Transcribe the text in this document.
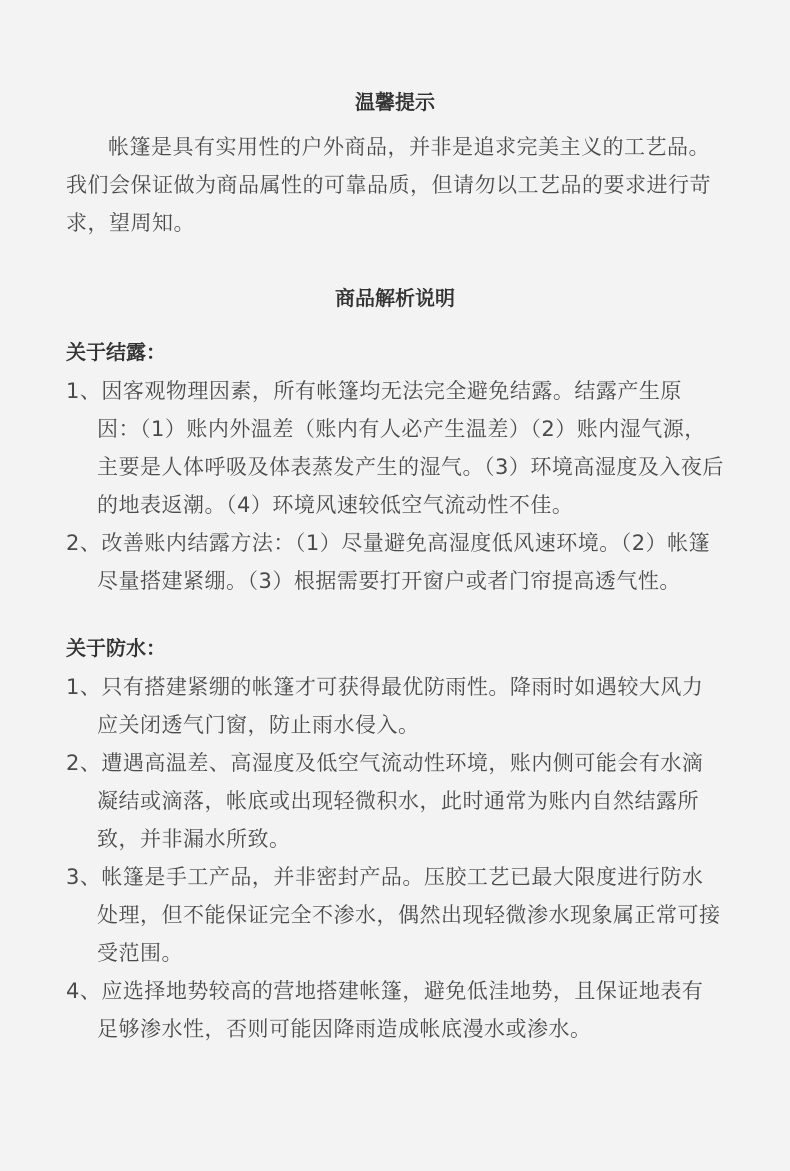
温馨提示
帐篷是具有实用性的户外商品，并非是追求完美主义的工艺品。我们会保证做为商品属性的可靠品质，但请勿以工艺品的要求进行苛求，望周知。
商品解析说明
关于结露：
1、因客观物理因素，所有帐篷均无法完全避免结露。结露产生原因：（1）账内外温差（账内有人必产生温差）（2）账内湿气源，主要是人体呼吸及体表蒸发产生的湿气。（3）环境高湿度及入夜后的地表返潮。（4）环境风速较低空气流动性不佳。
2、改善账内结露方法：（1）尽量避免高湿度低风速环境。（2）帐篷尽量搭建紧绷。（3）根据需要打开窗户或者门帘提高透气性。
关于防水：
1、只有搭建紧绷的帐篷才可获得最优防雨性。降雨时如遇较大风力应关闭透气门窗，防止雨水侵入。
2、遭遇高温差、高湿度及低空气流动性环境，账内侧可能会有水滴凝结或滴落，帐底或出现轻微积水，此时通常为账内自然结露所致，并非漏水所致。
3、帐篷是手工产品，并非密封产品。压胶工艺已最大限度进行防水处理，但不能保证完全不渗水，偶然出现轻微渗水现象属正常可接受范围。
4、应选择地势较高的营地搭建帐篷，避免低洼地势，且保证地表有足够渗水性，否则可能因降雨造成帐底漫水或渗水。
